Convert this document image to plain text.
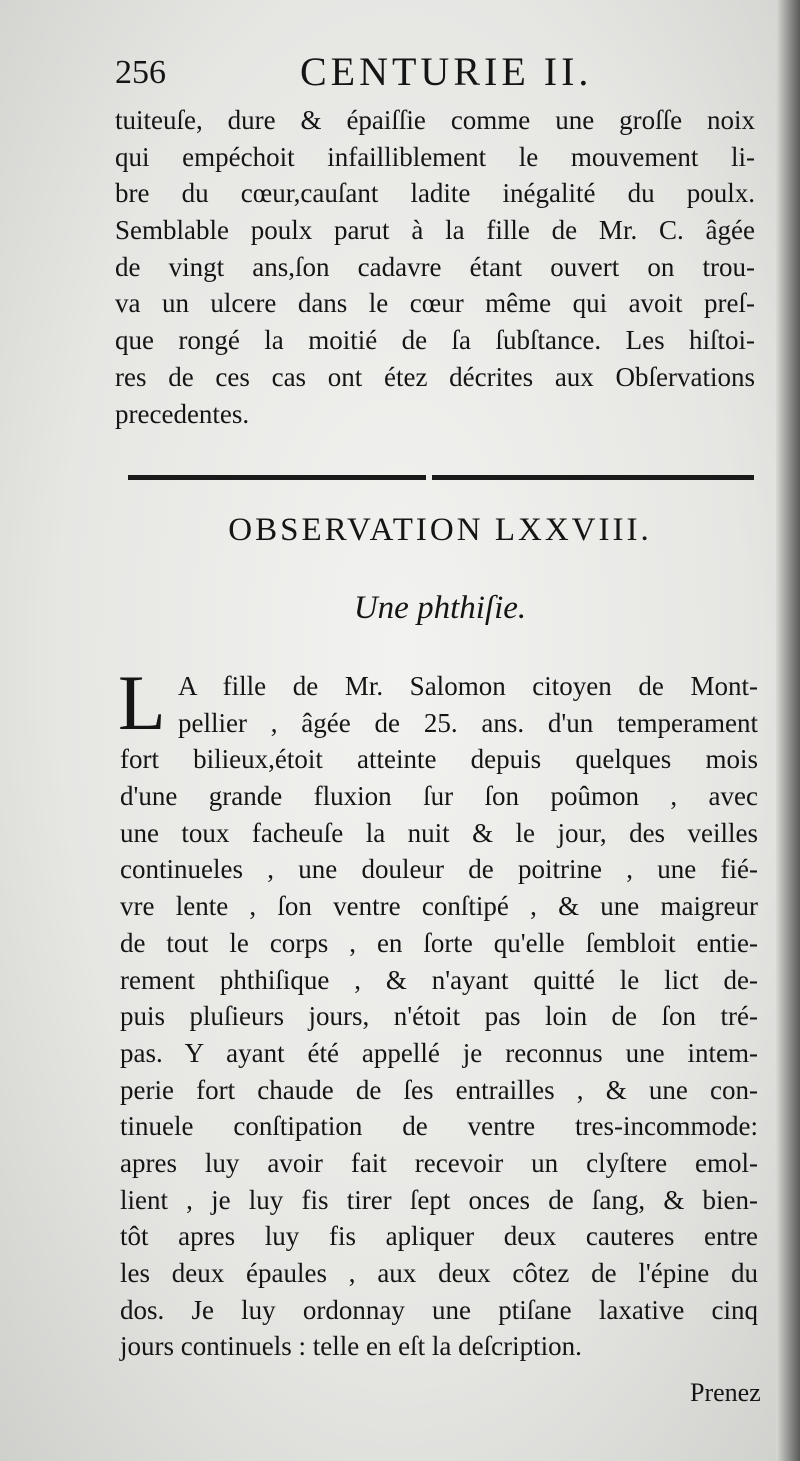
256	CENTURIE II.
tuiteuſe, dure & épaiſſie comme une groſſe noix
qui empéchoit infailliblement le mouvement li-
bre du cœur,cauſant ladite inégalité du poulx.
Semblable poulx parut à la fille de Mr. C. âgée
de vingt ans,ſon cadavre étant ouvert on trou-
va un ulcere dans le cœur même qui avoit preſ-
que rongé la moitié de ſa ſubſtance. Les hiſtoi-
res de ces cas ont étez décrites aux Obſervations
precedentes.
OBSERVATION LXXVIII.
Une phthiſie.
L A fille de Mr. Salomon citoyen de Mont-
pellier , âgée de 25. ans. d'un temperament
fort bilieux,étoit atteinte depuis quelques mois
d'une grande fluxion ſur ſon poûmon , avec
une toux facheuſe la nuit & le jour, des veilles
continueles , une douleur de poitrine , une fié-
vre lente , ſon ventre conſtipé , & une maigreur
de tout le corps , en ſorte qu'elle ſembloit entie-
rement phthiſique , & n'ayant quitté le lict de-
puis pluſieurs jours, n'étoit pas loin de ſon tré-
pas. Y ayant été appellé je reconnus une intem-
perie fort chaude de ſes entrailles , & une con-
tinuele conſtipation de ventre tres-incommode:
apres luy avoir fait recevoir un clyſtere emol-
lient , je luy fis tirer ſept onces de ſang, & bien-
tôt apres luy fis apliquer deux cauteres entre
les deux épaules , aux deux côtez de l'épine du
dos. Je luy ordonnay une ptiſane laxative cinq
jours continuels : telle en eſt la deſcription.
Prenez
